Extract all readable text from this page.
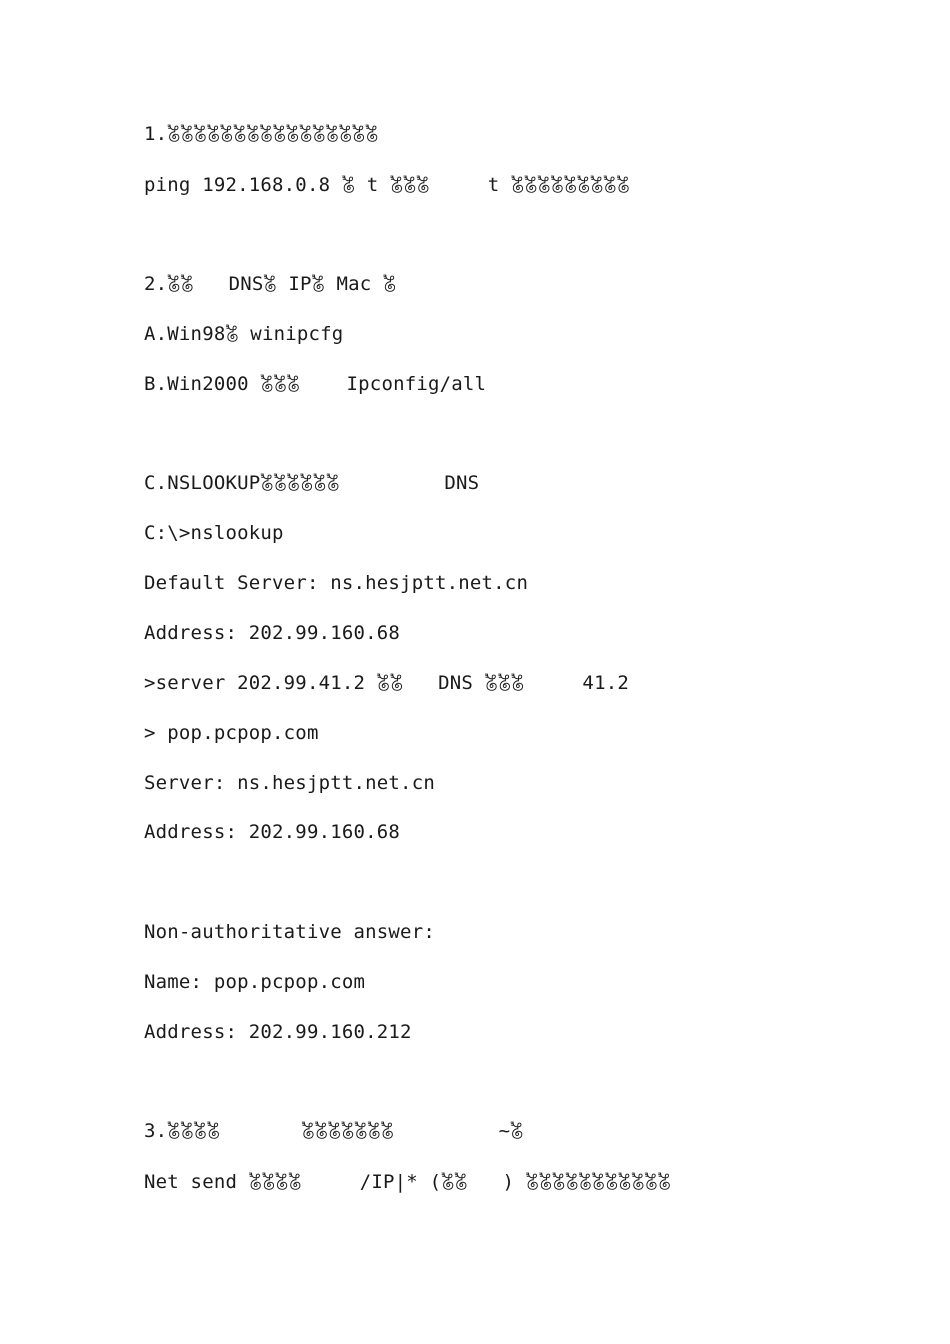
1.𖡄𖡄𖡄𖡄𖡄𖡄𖡄𖡄𖡄𖡄𖡄𖡄𖡄𖡄𖡄𖡄
ping 192.168.0.8 𖡄 t 𖡄𖡄𖡄     t 𖡄𖡄𖡄𖡄𖡄𖡄𖡄𖡄𖡄
2.𖡄𖡄   DNS𖡄 IP𖡄 Mac 𖡄
A.Win98𖡄 winipcfg
B.Win2000 𖡄𖡄𖡄    Ipconfig/all
C.NSLOOKUP𖡄𖡄𖡄𖡄𖡄𖡄         DNS
C:\>nslookup
Default Server: ns.hesjptt.net.cn
Address: 202.99.160.68
>server 202.99.41.2 𖡄𖡄   DNS 𖡄𖡄𖡄     41.2
> pop.pcpop.com
Server: ns.hesjptt.net.cn
Address: 202.99.160.68
Non-authoritative answer:
Name: pop.pcpop.com
Address: 202.99.160.212
3.𖡄𖡄𖡄𖡄       𖡄𖡄𖡄𖡄𖡄𖡄𖡄         ~𖡄
Net send 𖡄𖡄𖡄𖡄     /IP|* (𖡄𖡄   ) 𖡄𖡄𖡄𖡄𖡄𖡄𖡄𖡄𖡄𖡄𖡄
